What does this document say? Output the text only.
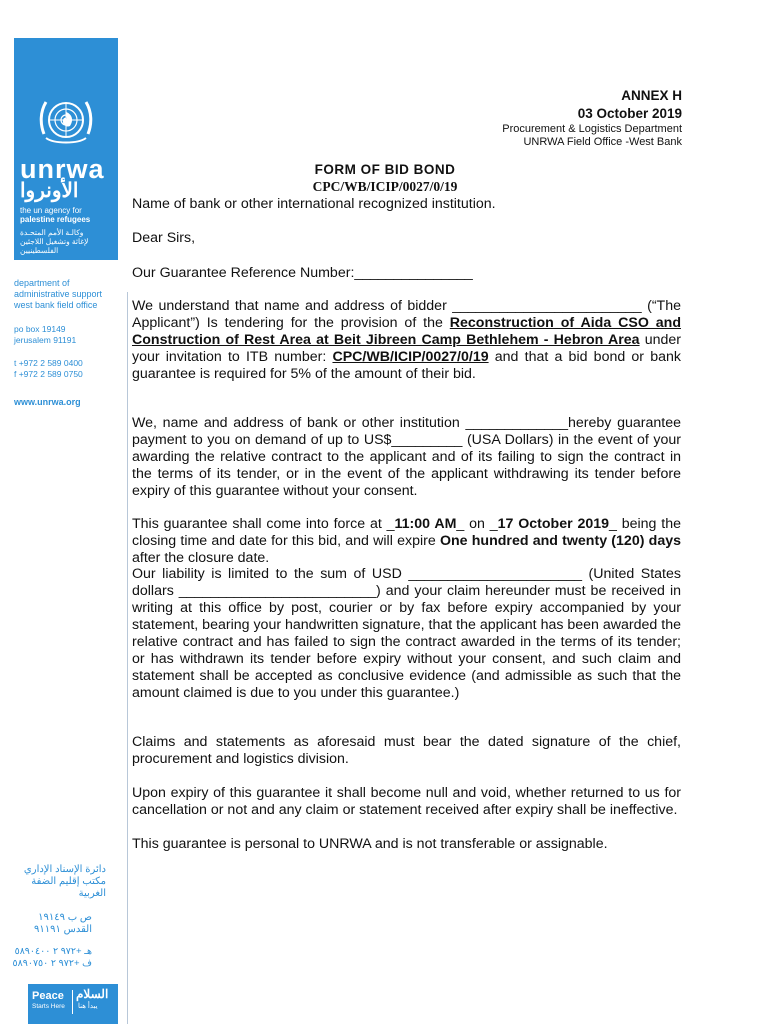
unrwa
الأونروا
the un agency for
palestine refugees
وكالـة الأمم المتحـدة
لإغاثة وتشغيل اللاجئين
الفلسطينيين
department of
administrative support
west bank field office
po box 19149
jerusalem 91191
t +972 2 589 0400
f +972 2 589 0750
www.unrwa.org
دائرة الإسناد الإداري
مكتب إقليم الضفة الغربية
ص ب ١٩١٤٩
القدس ٩١١٩١
هـ +٩٧٢ ٢ ٥٨٩٠٤٠٠
ف +٩٧٢ ٢ ٥٨٩٠٧٥٠
Peace
Starts Here
السلام
يبدأ هنا
ANNEX H
03 October 2019
Procurement & Logistics Department
UNRWA Field Office -West Bank
FORM OF BID BOND
CPC/WB/ICIP/0027/0/19
Name of bank or other international recognized institution.
Dear Sirs,
Our Guarantee Reference Number:_______________
We understand that name and address of bidder ________________________ (“The Applicant”) Is tendering for the provision of the Reconstruction of Aida CSO and Construction of Rest Area at Beit Jibreen Camp Bethlehem - Hebron Area under your invitation to ITB number: CPC/WB/ICIP/0027/0/19 and that a bid bond or bank guarantee is required for 5% of the amount of their bid.
We, name and address of bank or other institution _____________hereby guarantee payment to you on demand of up to US$_________ (USA Dollars) in the event of your awarding the relative contract to the applicant and of its failing to sign the contract in the terms of its tender, or in the event of the applicant withdrawing its tender before expiry of this guarantee without your consent.
This guarantee shall come into force at _11:00 AM_ on _17 October 2019_ being the closing time and date for this bid, and will expire One hundred and twenty (120) days after the closure date.
Our liability is limited to the sum of USD ______________________ (United States dollars _________________________) and your claim hereunder must be received in writing at this office by post, courier or by fax before expiry accompanied by your statement, bearing your handwritten signature, that the applicant has been awarded the relative contract and has failed to sign the contract awarded in the terms of its tender; or has withdrawn its tender before expiry without your consent, and such claim and statement shall be accepted as conclusive evidence (and admissible as such that the amount claimed is due to you under this guarantee.)
Claims and statements as aforesaid must bear the dated signature of the chief, procurement and logistics division.
Upon expiry of this guarantee it shall become null and void, whether returned to us for cancellation or not and any claim or statement received after expiry shall be ineffective.
This guarantee is personal to UNRWA and is not transferable or assignable.
